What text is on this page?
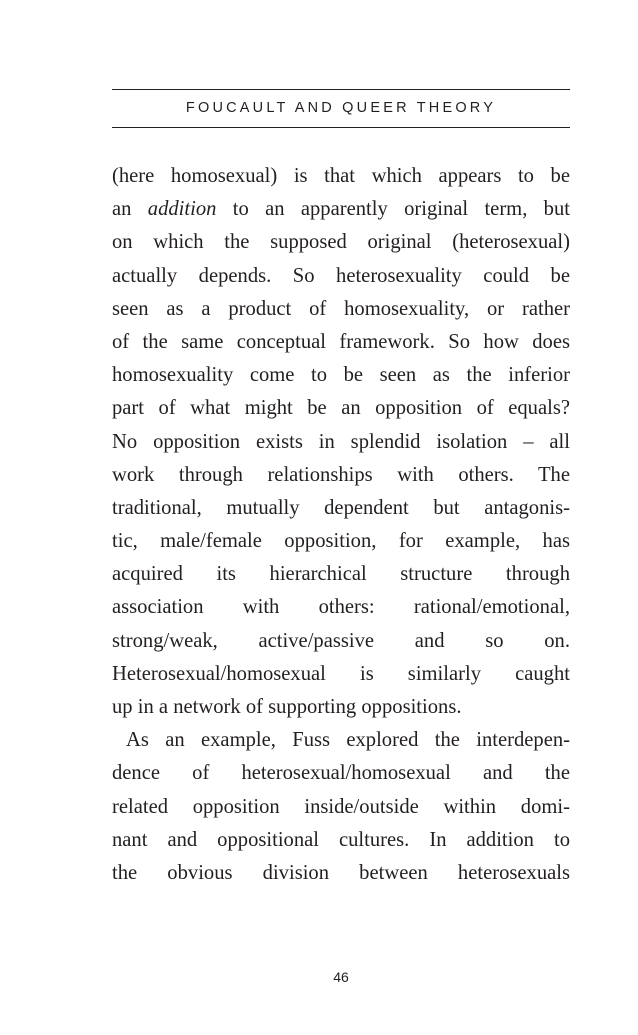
FOUCAULT AND QUEER THEORY
(here homosexual) is that which appears to be
an addition to an apparently original term, but
on which the supposed original (heterosexual)
actually depends. So heterosexuality could be
seen as a product of homosexuality, or rather
of the same conceptual framework. So how does
homosexuality come to be seen as the inferior
part of what might be an opposition of equals?
No opposition exists in splendid isolation – all
work through relationships with others. The
traditional, mutually dependent but antagonis-
tic, male/female opposition, for example, has
acquired its hierarchical structure through
association with others: rational/emotional,
strong/weak, active/passive and so on.
Heterosexual/homosexual is similarly caught
up in a network of supporting oppositions.
As an example, Fuss explored the interdepen-
dence of heterosexual/homosexual and the
related opposition inside/outside within domi-
nant and oppositional cultures. In addition to
the obvious division between heterosexuals
46
